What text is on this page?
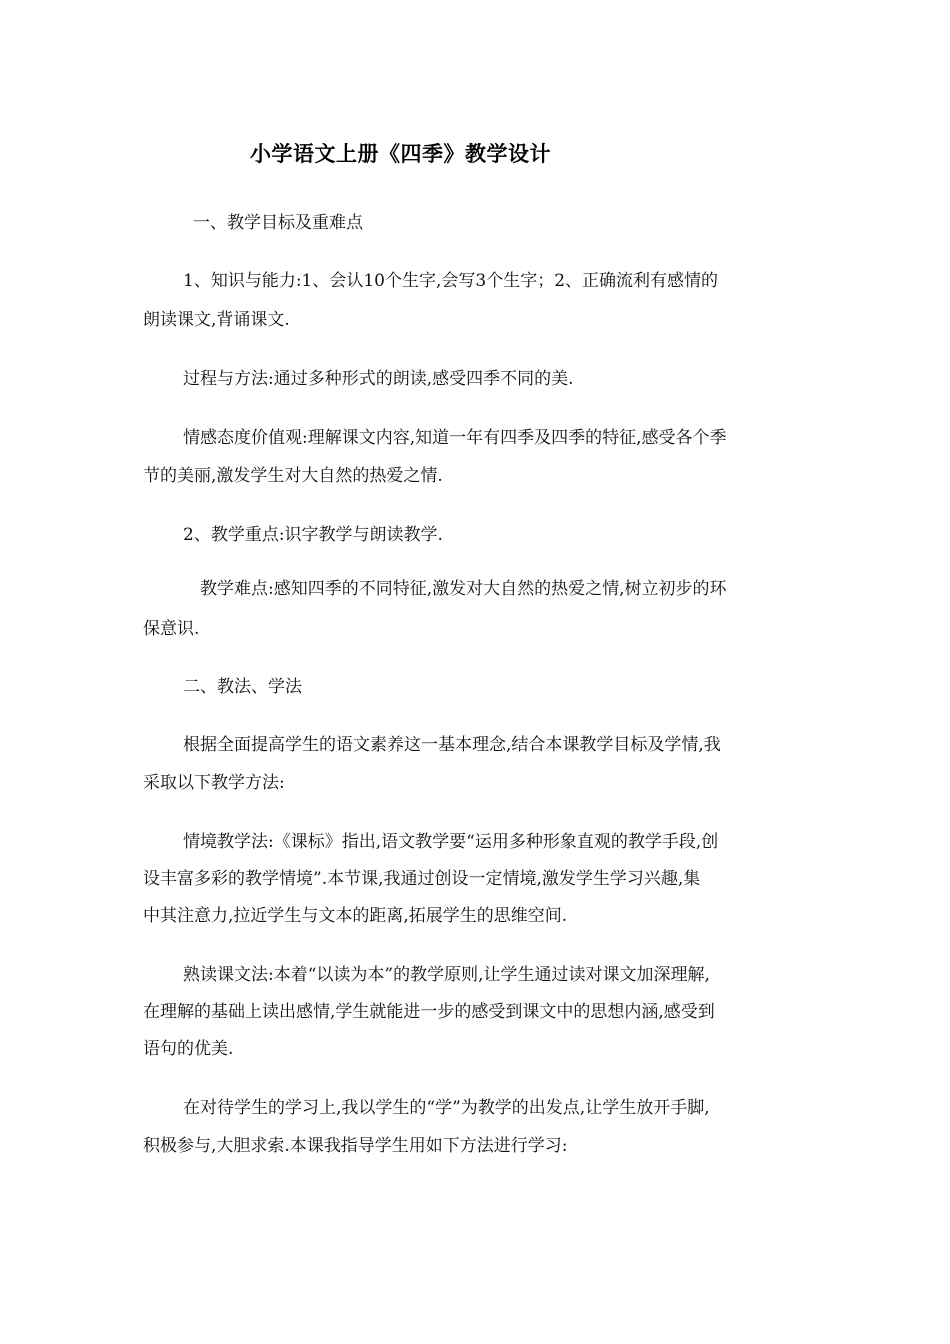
小学语文上册《四季》教学设计
一、教学目标及重难点
1、知识与能力:1、会认10个生字,会写3个生字；2、正确流利有感情的
朗读课文,背诵课文.
过程与方法:通过多种形式的朗读,感受四季不同的美.
情感态度价值观:理解课文内容,知道一年有四季及四季的特征,感受各个季
节的美丽,激发学生对大自然的热爱之情.
2、教学重点:识字教学与朗读教学.
教学难点:感知四季的不同特征,激发对大自然的热爱之情,树立初步的环
保意识.
二、教法、学法
根据全面提高学生的语文素养这一基本理念,结合本课教学目标及学情,我
采取以下教学方法:
情境教学法:《课标》指出,语文教学要“运用多种形象直观的教学手段,创
设丰富多彩的教学情境”.本节课,我通过创设一定情境,激发学生学习兴趣,集
中其注意力,拉近学生与文本的距离,拓展学生的思维空间.
熟读课文法:本着“以读为本”的教学原则,让学生通过读对课文加深理解,
在理解的基础上读出感情,学生就能进一步的感受到课文中的思想内涵,感受到
语句的优美.
在对待学生的学习上,我以学生的“学”为教学的出发点,让学生放开手脚,
积极参与,大胆求索.本课我指导学生用如下方法进行学习:
